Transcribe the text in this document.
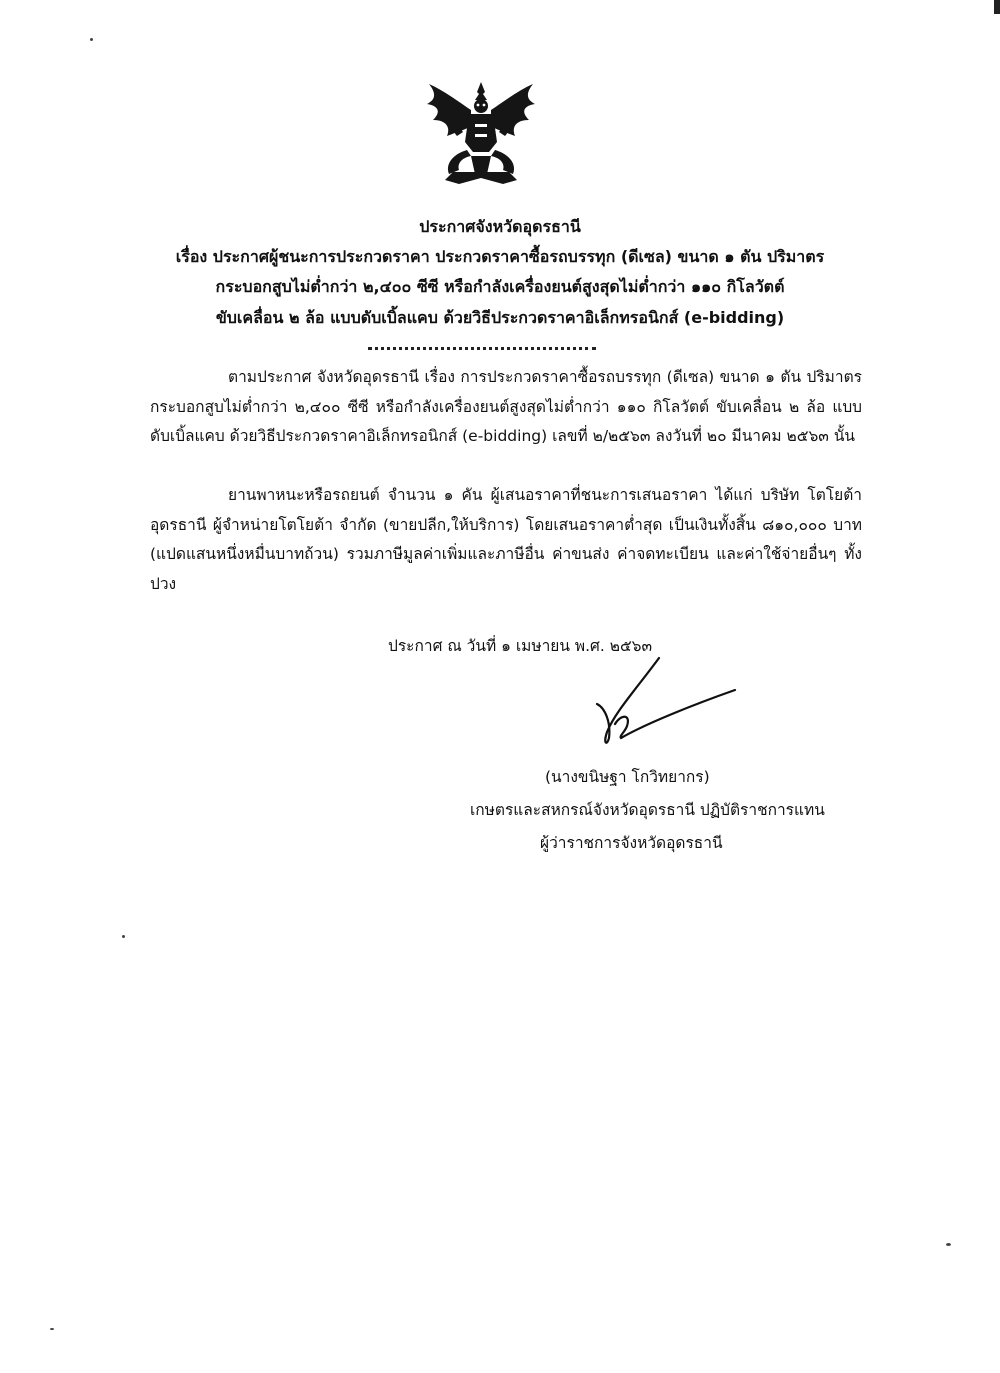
ประกาศจังหวัดอุดรธานี
เรื่อง ประกาศผู้ชนะการประกวดราคา ประกวดราคาซื้อรถบรรทุก (ดีเซล) ขนาด ๑ ตัน ปริมาตร
กระบอกสูบไม่ต่ำกว่า ๒,๔๐๐ ซีซี หรือกำลังเครื่องยนต์สูงสุดไม่ต่ำกว่า ๑๑๐ กิโลวัตต์
ขับเคลื่อน ๒ ล้อ แบบดับเบิ้ลแคบ ด้วยวิธีประกวดราคาอิเล็กทรอนิกส์ (e-bidding)
ตามประกาศ จังหวัดอุดรธานี เรื่อง การประกวดราคาซื้อรถบรรทุก (ดีเซล) ขนาด ๑ ตัน ปริมาตรกระบอกสูบไม่ต่ำกว่า ๒,๔๐๐ ซีซี หรือกำลังเครื่องยนต์สูงสุดไม่ต่ำกว่า ๑๑๐ กิโลวัตต์ ขับเคลื่อน ๒ ล้อ แบบดับเบิ้ลแคบ ด้วยวิธีประกวดราคาอิเล็กทรอนิกส์ (e-bidding) เลขที่ ๒/๒๕๖๓ ลงวันที่ ๒๐ มีนาคม ๒๕๖๓ นั้น
ยานพาหนะหรือรถยนต์ จำนวน ๑ คัน ผู้เสนอราคาที่ชนะการเสนอราคา ได้แก่ บริษัท โตโยต้าอุดรธานี ผู้จำหน่ายโตโยต้า จำกัด (ขายปลีก,ให้บริการ) โดยเสนอราคาต่ำสุด เป็นเงินทั้งสิ้น ๘๑๐,๐๐๐ บาท (แปดแสนหนึ่งหมื่นบาทถ้วน) รวมภาษีมูลค่าเพิ่มและภาษีอื่น ค่าขนส่ง ค่าจดทะเบียน และค่าใช้จ่ายอื่นๆ ทั้งปวง
ประกาศ ณ วันที่ ๑ เมษายน พ.ศ. ๒๕๖๓
(นางขนิษฐา โกวิทยากร)
เกษตรและสหกรณ์จังหวัดอุดรธานี ปฏิบัติราชการแทน
ผู้ว่าราชการจังหวัดอุดรธานี
